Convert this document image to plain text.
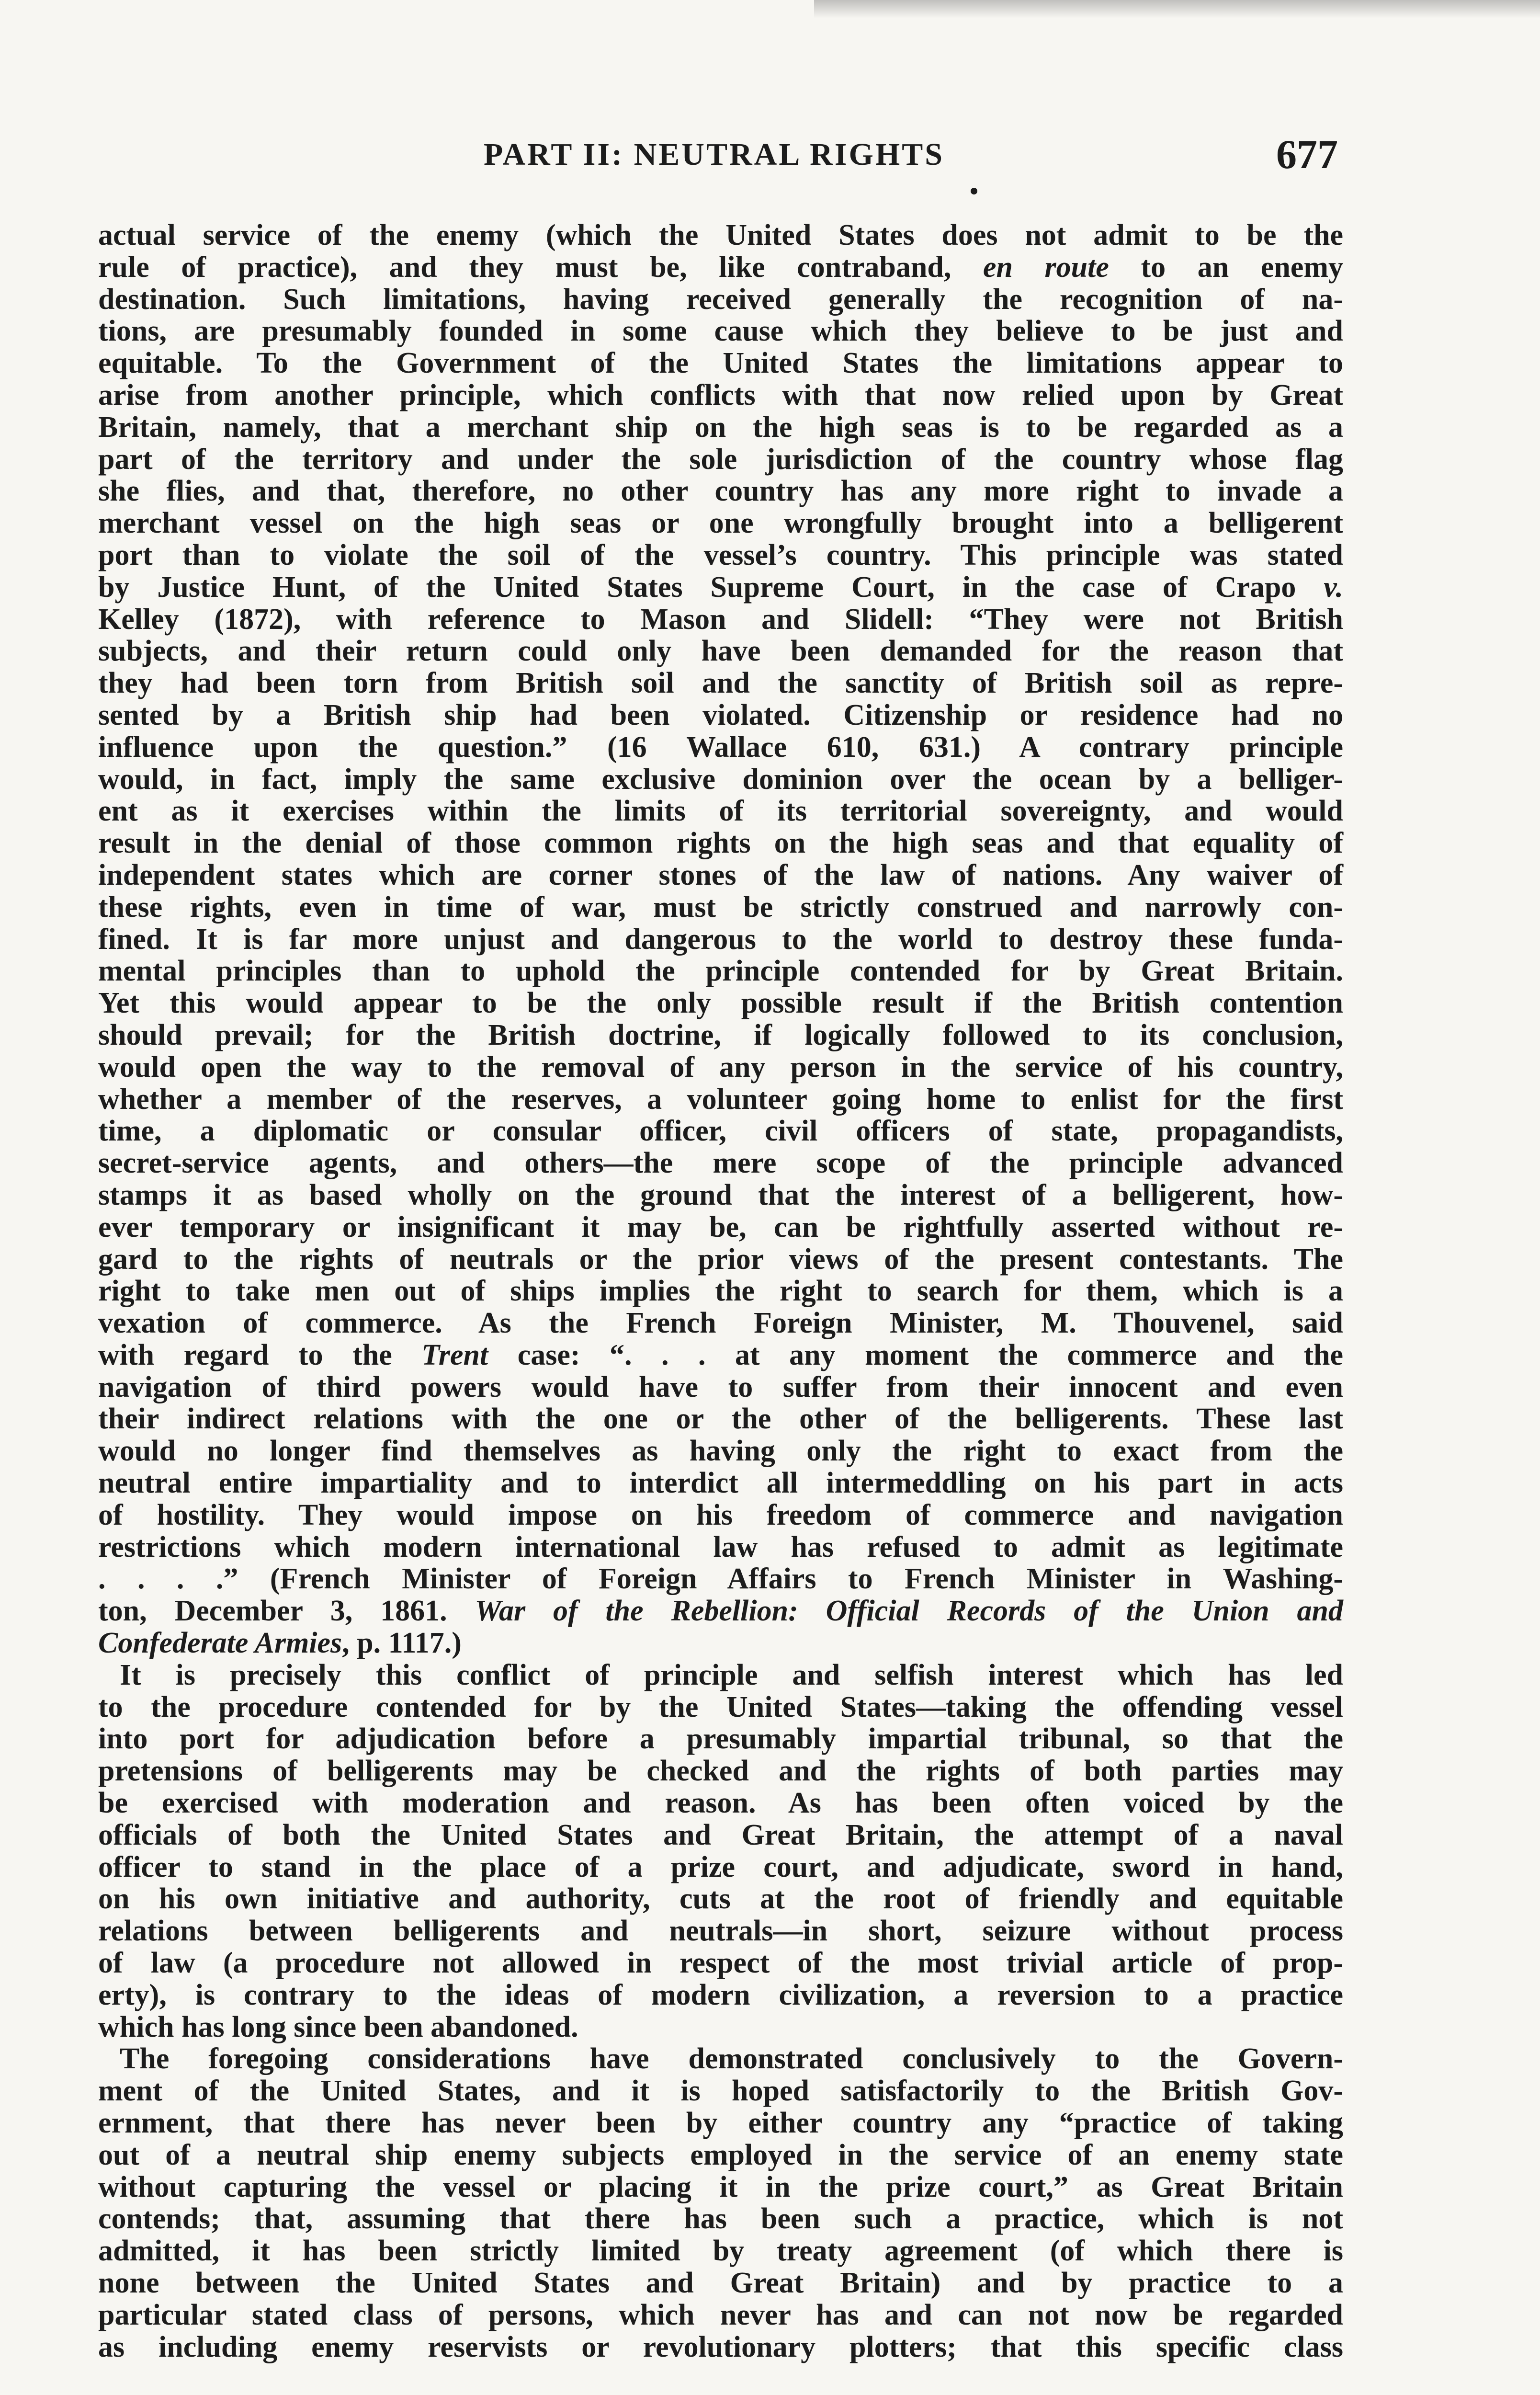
PART II: NEUTRAL RIGHTS	677
actual service of the enemy (which the United States does not admit to be the
rule of practice), and they must be, like contraband, en route to an enemy
destination. Such limitations, having received generally the recognition of na-
tions, are presumably founded in some cause which they believe to be just and
equitable. To the Government of the United States the limitations appear to
arise from another principle, which conflicts with that now relied upon by Great
Britain, namely, that a merchant ship on the high seas is to be regarded as a
part of the territory and under the sole jurisdiction of the country whose flag
she flies, and that, therefore, no other country has any more right to invade a
merchant vessel on the high seas or one wrongfully brought into a belligerent
port than to violate the soil of the vessel’s country. This principle was stated
by Justice Hunt, of the United States Supreme Court, in the case of Crapo v.
Kelley (1872), with reference to Mason and Slidell: “They were not British
subjects, and their return could only have been demanded for the reason that
they had been torn from British soil and the sanctity of British soil as repre-
sented by a British ship had been violated. Citizenship or residence had no
influence upon the question.” (16 Wallace 610, 631.) A contrary principle
would, in fact, imply the same exclusive dominion over the ocean by a belliger-
ent as it exercises within the limits of its territorial sovereignty, and would
result in the denial of those common rights on the high seas and that equality of
independent states which are corner stones of the law of nations. Any waiver of
these rights, even in time of war, must be strictly construed and narrowly con-
fined. It is far more unjust and dangerous to the world to destroy these funda-
mental principles than to uphold the principle contended for by Great Britain.
Yet this would appear to be the only possible result if the British contention
should prevail; for the British doctrine, if logically followed to its conclusion,
would open the way to the removal of any person in the service of his country,
whether a member of the reserves, a volunteer going home to enlist for the first
time, a diplomatic or consular officer, civil officers of state, propagandists,
secret-service agents, and others—the mere scope of the principle advanced
stamps it as based wholly on the ground that the interest of a belligerent, how-
ever temporary or insignificant it may be, can be rightfully asserted without re-
gard to the rights of neutrals or the prior views of the present contestants. The
right to take men out of ships implies the right to search for them, which is a
vexation of commerce. As the French Foreign Minister, M. Thouvenel, said
with regard to the Trent case: “. . . at any moment the commerce and the
navigation of third powers would have to suffer from their innocent and even
their indirect relations with the one or the other of the belligerents. These last
would no longer find themselves as having only the right to exact from the
neutral entire impartiality and to interdict all intermeddling on his part in acts
of hostility. They would impose on his freedom of commerce and navigation
restrictions which modern international law has refused to admit as legitimate
. . . .” (French Minister of Foreign Affairs to French Minister in Washing-
ton, December 3, 1861. War of the Rebellion: Official Records of the Union and
Confederate Armies, p. 1117.)
It is precisely this conflict of principle and selfish interest which has led
to the procedure contended for by the United States—taking the offending vessel
into port for adjudication before a presumably impartial tribunal, so that the
pretensions of belligerents may be checked and the rights of both parties may
be exercised with moderation and reason. As has been often voiced by the
officials of both the United States and Great Britain, the attempt of a naval
officer to stand in the place of a prize court, and adjudicate, sword in hand,
on his own initiative and authority, cuts at the root of friendly and equitable
relations between belligerents and neutrals—in short, seizure without process
of law (a procedure not allowed in respect of the most trivial article of prop-
erty), is contrary to the ideas of modern civilization, a reversion to a practice
which has long since been abandoned.
The foregoing considerations have demonstrated conclusively to the Govern-
ment of the United States, and it is hoped satisfactorily to the British Gov-
ernment, that there has never been by either country any “practice of taking
out of a neutral ship enemy subjects employed in the service of an enemy state
without capturing the vessel or placing it in the prize court,” as Great Britain
contends; that, assuming that there has been such a practice, which is not
admitted, it has been strictly limited by treaty agreement (of which there is
none between the United States and Great Britain) and by practice to a
particular stated class of persons, which never has and can not now be regarded
as including enemy reservists or revolutionary plotters; that this specific class
